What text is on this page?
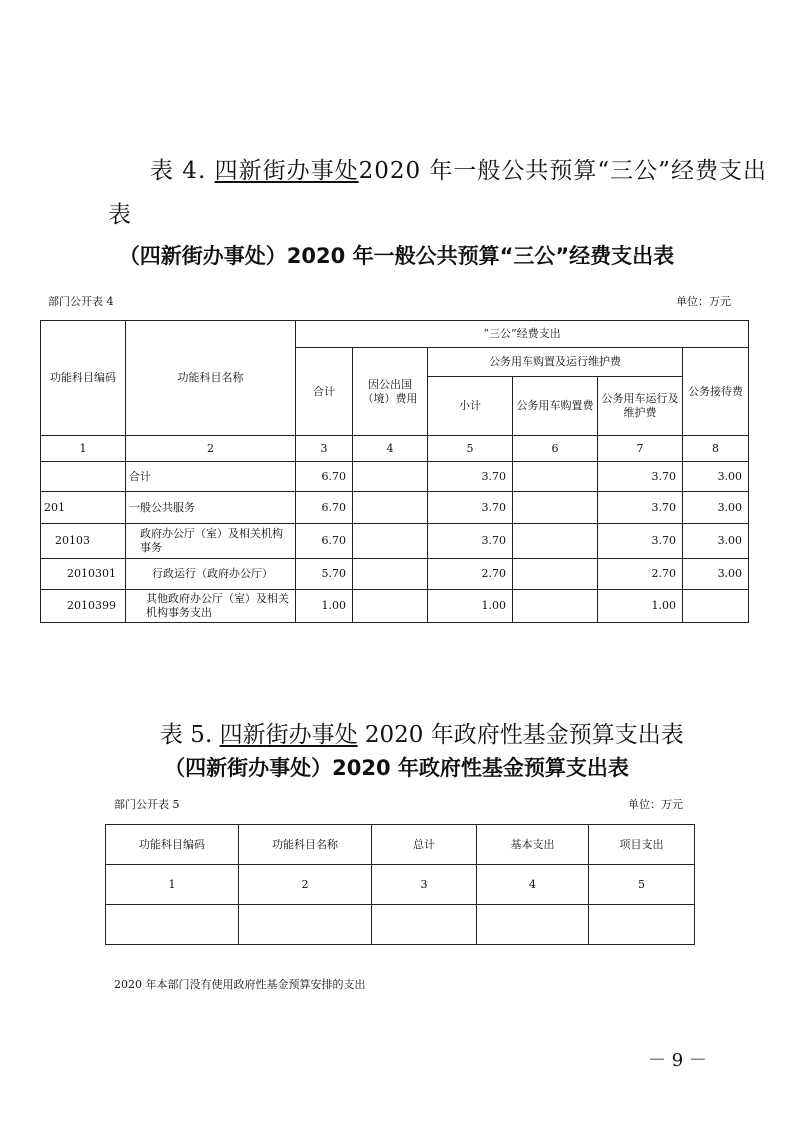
表 4. 四新街办事处2020 年一般公共预算“三公”经费支出
表
（四新街办事处）2020 年一般公共预算“三公”经费支出表
部门公开表 4	单位：万元
功能科目编码	功能科目名称	“三公”经费支出					
		合计	因公出国（境）费用	公务用车购置及运行维护费			公务接待费
				小计	公务用车购置费	公务用车运行及维护费	
1	2	3	4	5	6	7	8
	合计	6.70		3.70		3.70	3.00
201	一般公共服务	6.70		3.70		3.70	3.00
20103	政府办公厅（室）及相关机构事务	6.70		3.70		3.70	3.00
2010301	行政运行（政府办公厅）	5.70		2.70		2.70	3.00
2010399	其他政府办公厅（室）及相关机构事务支出	1.00		1.00		1.00	
表 5. 四新街办事处 2020 年政府性基金预算支出表
（四新街办事处）2020 年政府性基金预算支出表
部门公开表 5	单位：万元
功能科目编码	功能科目名称	总计	基本支出	项目支出
1	2	3	4	5

2020 年本部门没有使用政府性基金预算安排的支出
－ 9 －
